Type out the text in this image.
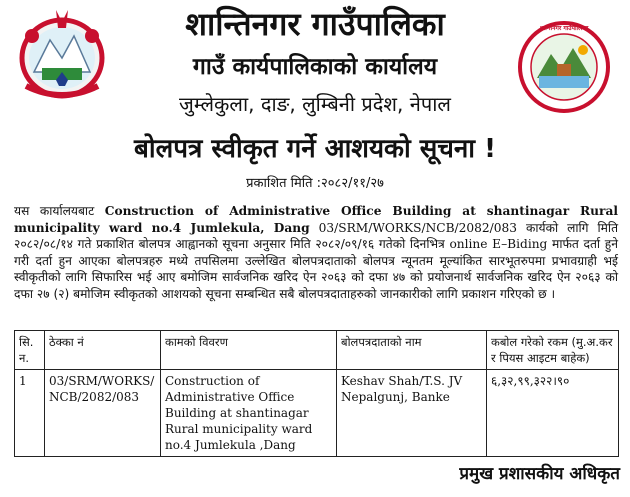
शान्तिनगर गाउँपालिका
शान्तिनगर गाउँपालिका
गाउँ कार्यपालिकाको कार्यालय
जुम्लेकुला, दाङ, लुम्बिनी प्रदेश, नेपाल
बोलपत्र स्वीकृत गर्ने आशयको सूचना !
प्रकाशित मिति :२०८२/११/२७
यस कार्यालयबाट Construction of Administrative Office Building at shantinagar Rural municipality ward no.4 Jumlekula, Dang 03/SRM/WORKS/NCB/2082/083 कार्यको लागि मिति २०८२/०८/१४ गते प्रकाशित बोलपत्र आह्वानको सूचना अनुसार मिति २०८२/०९/१६ गतेको दिनभित्र online E–Biding मार्फत दर्ता हुने गरी दर्ता हुन आएका बोलपत्रहरु मध्ये तपसिलमा उल्लेखित बोलपत्रदाताको बोलपत्र न्यूनतम मूल्यांकित सारभूतरुपमा प्रभावग्राही भई स्वीकृतीको लागि सिफारिस भई आए बमोजिम सार्वजनिक खरिद ऐन २०६३ को दफा ४७ को प्रयोजनार्थ सार्वजनिक खरिद ऐन २०६३ को दफा २७ (२) बमोजिम स्वीकृतको आशयको सूचना सम्बन्धित सबै बोलपत्रदाताहरुको जानकारीको लागि प्रकाशन गरिएको छ ।
सि. न.	ठेक्का नं	कामको विवरण	बोलपत्रदाताको नाम	कबोल गरेको रकम (मु.अ.कर र पियस आइटम बाहेक)
1	03/SRM/WORKS/ NCB/2082/083	Construction of Administrative Office Building at shantinagar Rural municipality ward no.4 Jumlekula ,Dang	Keshav Shah/T.S. JV Nepalgunj, Banke	६,३२,९९,३२२।९०
प्रमुख प्रशासकीय अधिकृत
